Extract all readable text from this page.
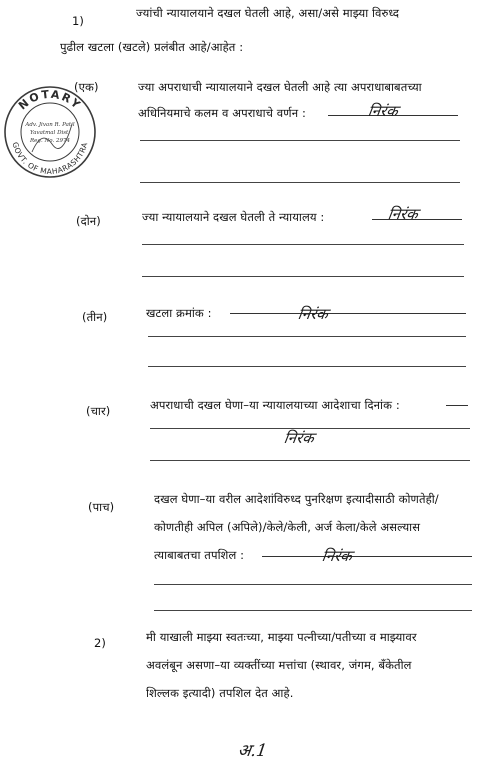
1)
ज्यांची न्यायालयाने दखल घेतली आहे, असा/असे माझ्या विरुध्द
पुढील खटला (खटले) प्रलंबीत आहे/आहेत :
NOTARY
GOVT. OF MAHARASHTRA
Adv. Jivan R. Patil
Yavatmal Dist.
Reg. No. 2974
(एक)	ज्या अपराधाची न्यायालयाने दखल घेतली आहे त्या अपराधाबाबतच्या
अधिनियमाचे कलम व अपराधाचे वर्णन :	निरंक
(दोन)	ज्या न्यायालयाने दखल घेतली ते न्यायालय :	निरंक
(तीन)	खटला क्रमांक :	निरंक
(चार)	अपराधाची दखल घेणा–या न्यायालयाच्या आदेशाचा दिनांक :
निरंक
(पाच)
दखल घेणा–या वरील आदेशांविरुध्द पुनरिक्षण इत्यादीसाठी कोणतेही/
कोणतीही अपिल (अपिले)/केले/केली, अर्ज केला/केले असल्यास
त्याबाबतचा तपशिल :	निरंक
2)	मी याखाली माझ्या स्वतःच्या, माझ्या पत्नीच्या/पतीच्या व माझ्यावर
अवलंबून असणा–या व्यक्तींच्या मत्तांचा (स्थावर, जंगम, बँकेतील
शिल्लक इत्यादी) तपशिल देत आहे.
अ.1
